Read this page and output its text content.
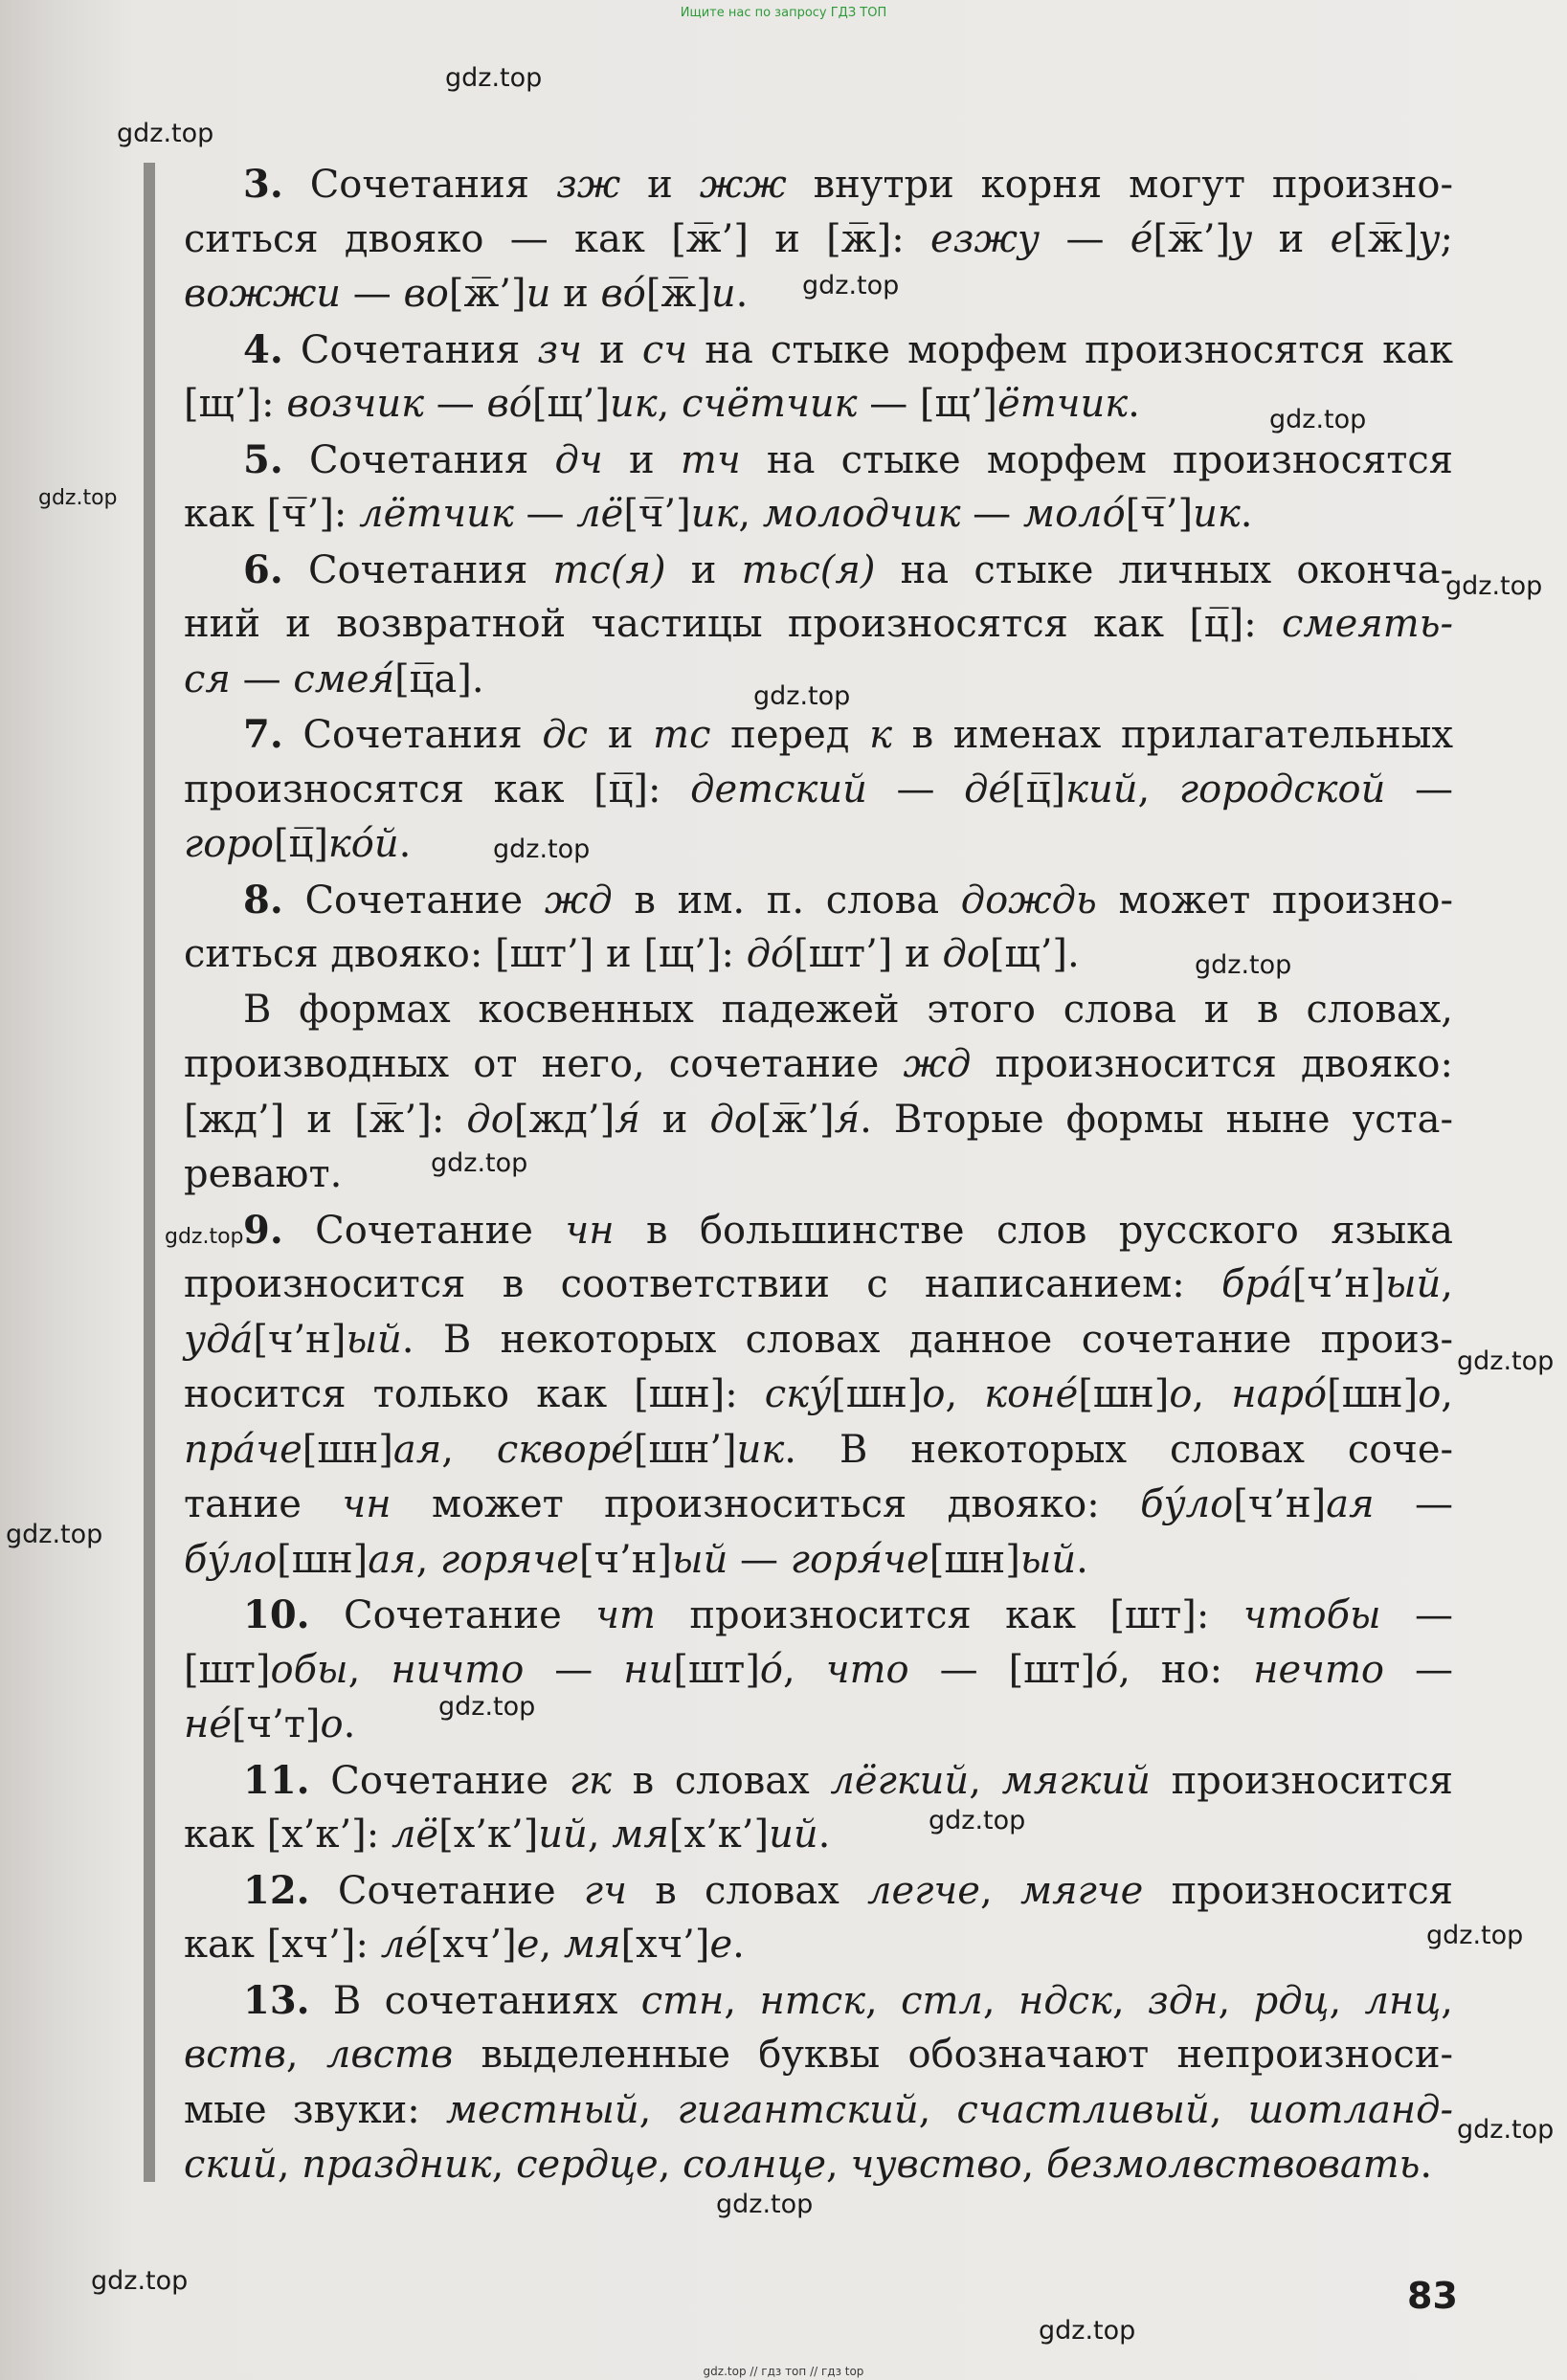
Ищите нас по запросу ГДЗ ТОП
gdz.top
gdz.top
gdz.top
gdz.top
gdz.top
gdz.top
gdz.top
gdz.top
gdz.top
gdz.top
gdz.top
gdz.top
gdz.top
gdz.top
gdz.top
gdz.top
gdz.top
gdz.top
gdz.top
gdz.top
3. Сочетания зж и жж внутри корня могут произно-
ситься двояко — как [ж̅’] и [ж̅]: езжу — е́[ж̅’]у и е[ж̅]у;
вожжи — во[ж̅’]и и во́[ж̅]и.
4. Сочетания зч и сч на стыке морфем произносятся как
[щ’]: возчик — во́[щ’]ик, счётчик — [щ’]ётчик.
5. Сочетания дч и тч на стыке морфем произносятся
как [ч̅’]: лётчик — лё[ч̅’]ик, молодчик — моло́[ч̅’]ик.
6. Сочетания тс(я) и тьс(я) на стыке личных оконча-
ний и возвратной частицы произносятся как [ц̅]: смеять-
ся — смея́[ц̅а].
7. Сочетания дс и тс перед к в именах прилагательных
произносятся как [ц̅]: детский — де́[ц̅]кий, городской —
горо[ц̅]ко́й.
8. Сочетание жд в им. п. слова дождь может произно-
ситься двояко: [шт’] и [щ’]: до́[шт’] и до[щ’].
В формах косвенных падежей этого слова и в словах,
производных от него, сочетание жд произносится двояко:
[жд’] и [ж̅’]: до[жд’]я́ и до[ж̅’]я́. Вторые формы ныне уста-
ревают.
9. Сочетание чн в большинстве слов русского языка
произносится в соответствии с написанием: бра́[ч’н]ый,
уда́[ч’н]ый. В некоторых словах данное сочетание произ-
носится только как [шн]: ску́[шн]о, коне́[шн]о, наро́[шн]о,
пра́че[шн]ая, скворе́[шн’]ик. В некоторых словах соче-
тание чн может произноситься двояко: бу́ло[ч’н]ая —
бу́ло[шн]ая, горяче[ч’н]ый — горя́че[шн]ый.
10. Сочетание чт произносится как [шт]: чтобы —
[шт]обы, ничто — ни[шт]о́, что — [шт]о́, но: нечто —
не́[ч’т]о.
11. Сочетание гк в словах лёгкий, мягкий произносится
как [х’к’]: лё[х’к’]ий, мя[х’к’]ий.
12. Сочетание гч в словах легче, мягче произносится
как [хч’]: ле́[хч’]е, мя[хч’]е.
13. В сочетаниях стн, нтск, стл, ндск, здн, рдц, лнц,
вств, лвств выделенные буквы обозначают непроизноси-
мые звуки: местный, гигантский, счастливый, шотланд-
ский, праздник, сердце, солнце, чувство, безмолвствовать.
83
gdz.top // гдз топ // гдз top
